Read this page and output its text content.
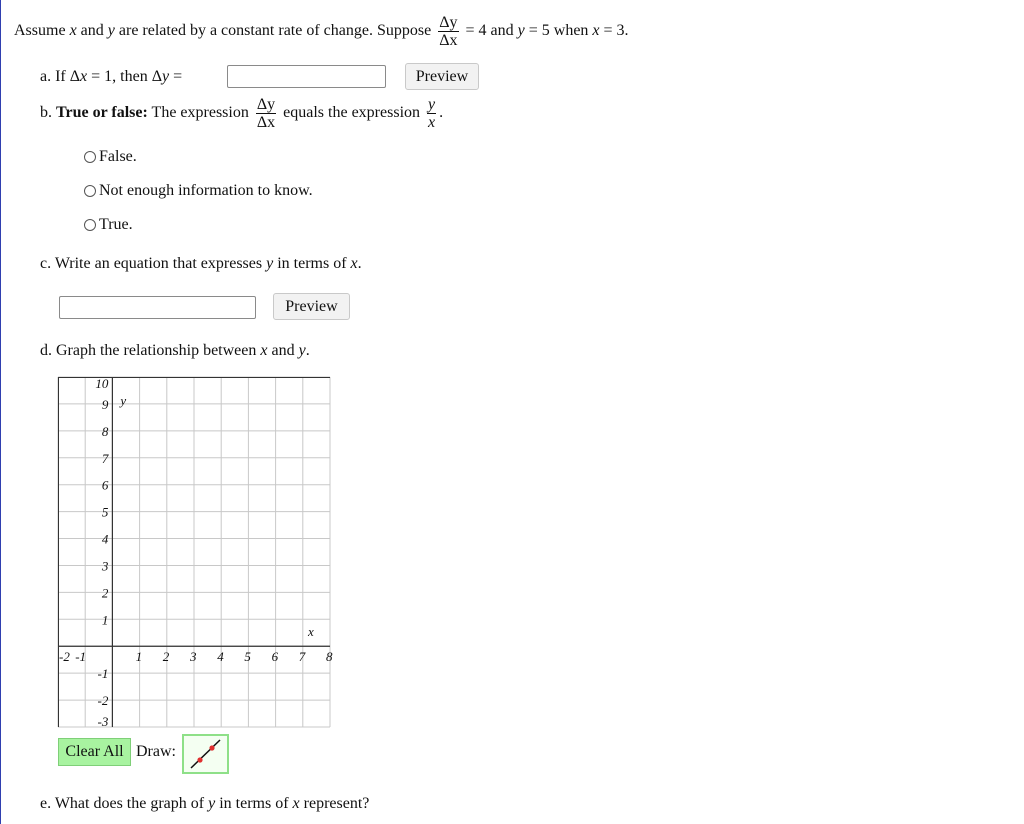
Assume x and y are related by a constant rate of change. Suppose $\frac{\Delta y}{\Delta x} = 4$ and y = 5 when x = 3.
a. If Δx = 1, then Δy =	Preview
b. True or false: The expression $\frac{\Delta y}{\Delta x}$ equals the expression $\frac{y}{x}$ .
False.
Not enough information to know.
True.
c. Write an equation that expresses y in terms of x.
Preview
d. Graph the relationship between x and y.
-2 -1	1 2 3 4 5 6 7 8
10
9
8
7
6
5
4
3
2
1
-1
-2
-3
x
y
Clear All Draw:
e. What does the graph of y in terms of x represent?
